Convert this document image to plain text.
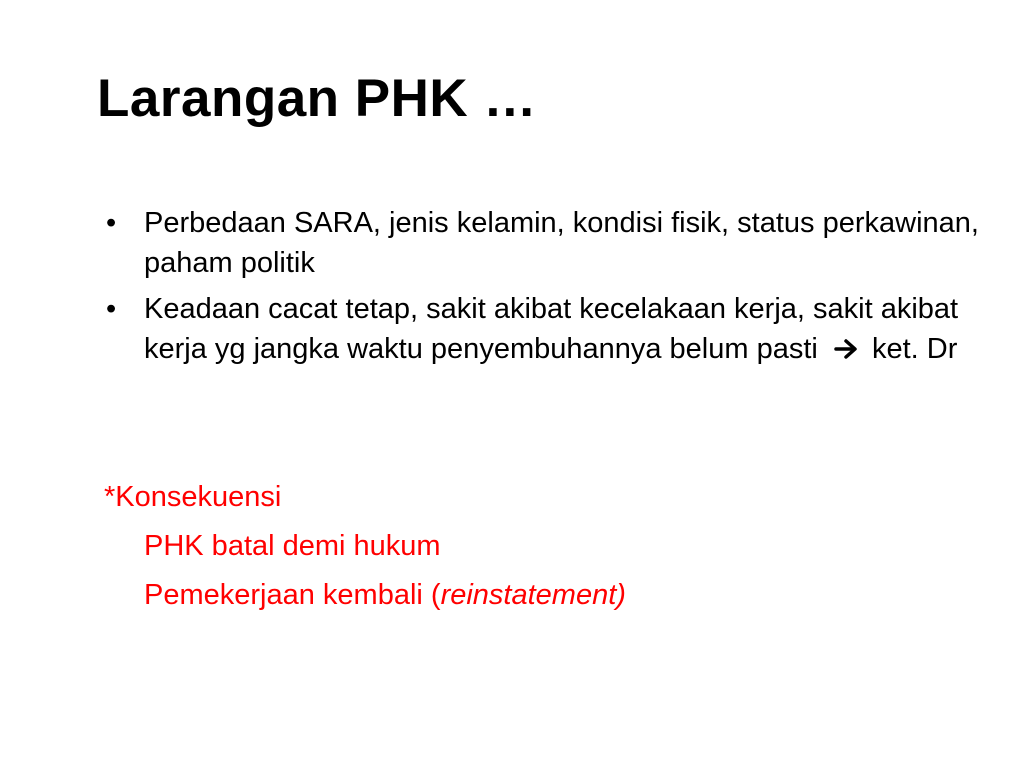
Larangan PHK …
• Perbedaan SARA, jenis kelamin, kondisi fisik, status perkawinan, paham politik
• Keadaan cacat tetap, sakit akibat kecelakaan kerja, sakit akibat kerja yg jangka waktu penyembuhannya belum pasti ket. Dr
*Konsekuensi
PHK batal demi hukum
Pemekerjaan kembali (reinstatement)
